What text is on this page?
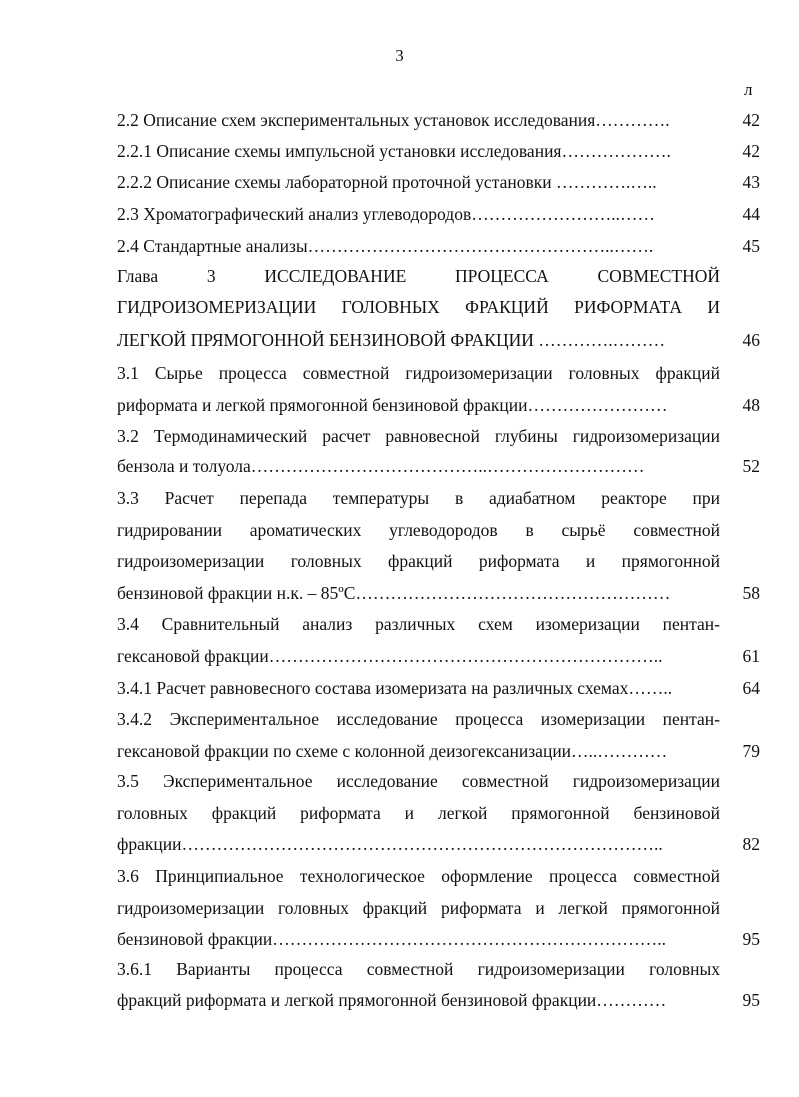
3
л
2.2 Описание схем экспериментальных установок исследования………….	42
2.2.1 Описание схемы импульсной установки исследования……………….	42
2.2.2 Описание схемы лабораторной проточной установки ………….…..	43
2.3 Хроматографический анализ углеводородов……………………..……	44
2.4 Стандартные анализы……………………………………………..…….	45
Глава 3 ИССЛЕДОВАНИЕ ПРОЦЕССА СОВМЕСТНОЙ
ГИДРОИЗОМЕРИЗАЦИИ ГОЛОВНЫХ ФРАКЦИЙ РИФОРМАТА И
ЛЕГКОЙ ПРЯМОГОННОЙ БЕНЗИНОВОЙ ФРАКЦИИ ………….………	46
3.1 Сырье процесса совместной гидроизомеризации головных фракций
риформата и легкой прямогонной бензиновой фракции……………………	48
3.2 Термодинамический расчет равновесной глубины гидроизомеризации
бензола и толуола…………………………………..………………………	52
3.3 Расчет перепада температуры в адиабатном реакторе при
гидрировании ароматических углеводородов в сырьё совместной
гидроизомеризации головных фракций риформата и прямогонной
бензиновой фракции н.к. – 85ºС………………………………………………	58
3.4 Сравнительный анализ различных схем изомеризации пентан-
гексановой фракции…………………………………………………………..	61
3.4.1 Расчет равновесного состава изомеризата на различных схемах……..	64
3.4.2 Экспериментальное исследование процесса изомеризации пентан-
гексановой фракции по схеме с колонной деизогексанизации…..…………	79
3.5 Экспериментальное исследование совместной гидроизомеризации
головных фракций риформата и легкой прямогонной бензиновой
фракции………………………………………………………………………..	82
3.6 Принципиальное технологическое оформление процесса совместной
гидроизомеризации головных фракций риформата и легкой прямогонной
бензиновой фракции…………………………………………………………..	95
3.6.1 Варианты процесса совместной гидроизомеризации головных
фракций риформата и легкой прямогонной бензиновой фракции…………	95
